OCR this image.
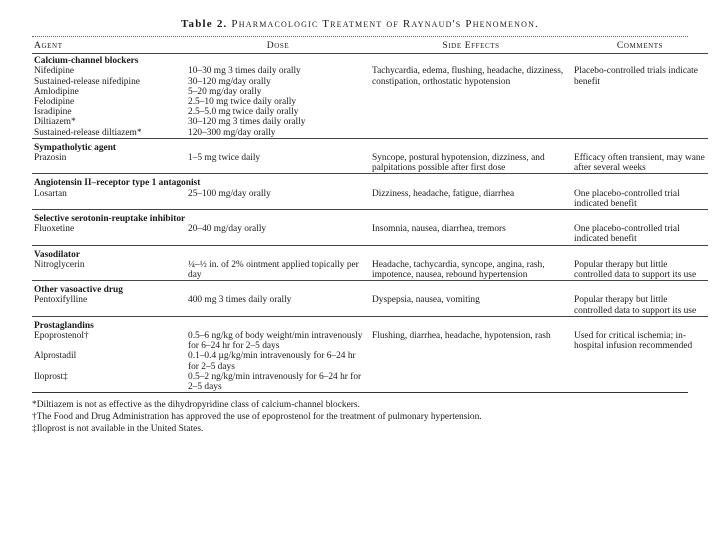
Table 2. Pharmacologic Treatment of Raynaud's Phenomenon.
Agent	Dose	Side Effects	Comments

Calcium-channel blockers			
Nifedipine	10–30 mg 3 times daily orally	Tachycardia, edema, flushing, headache, dizziness, constipation, orthostatic hypotension	Placebo-controlled trials indicate benefit
Sustained-release nifedipine	30–120 mg/day orally		
Amlodipine	5–20 mg/day orally		
Felodipine	2.5–10 mg twice daily orally		
Isradipine	2.5–5.0 mg twice daily orally		
Diltiazem*	30–120 mg 3 times daily orally		
Sustained-release diltiazem*	120–300 mg/day orally		

Sympatholytic agent			
Prazosin	1–5 mg twice daily	Syncope, postural hypotension, dizziness, and palpitations possible after first dose	Efficacy often transient, may wane after several weeks

Angiotensin II–receptor type 1 antagonist			
Losartan	25–100 mg/day orally	Dizziness, headache, fatigue, diarrhea	One placebo-controlled trial indicated benefit

Selective serotonin-reuptake inhibitor			
Fluoxetine	20–40 mg/day orally	Insomnia, nausea, diarrhea, tremors	One placebo-controlled trial indicated benefit

Vasodilator			
Nitroglycerin	¼–½ in. of 2% ointment applied topically per day	Headache, tachycardia, syncope, angina, rash, impotence, nausea, rebound hypertension	Popular therapy but little controlled data to support its use

Other vasoactive drug			
Pentoxifylline	400 mg 3 times daily orally	Dyspepsia, nausea, vomiting	Popular therapy but little controlled data to support its use

Prostaglandins			
Epoprostenol†	0.5–6 ng/kg of body weight/min intravenously for 6–24 hr for 2–5 days	Flushing, diarrhea, headache, hypotension, rash	Used for critical ischemia; in-hospital infusion recommended
Alprostadil	0.1–0.4 µg/kg/min intravenously for 6–24 hr for 2–5 days		
Iloprost‡	0.5–2 ng/kg/min intravenously for 6–24 hr for 2–5 days		
*Diltiazem is not as effective as the dihydropyridine class of calcium-channel blockers.
†The Food and Drug Administration has approved the use of epoprostenol for the treatment of pulmonary hypertension.
‡Iloprost is not available in the United States.
